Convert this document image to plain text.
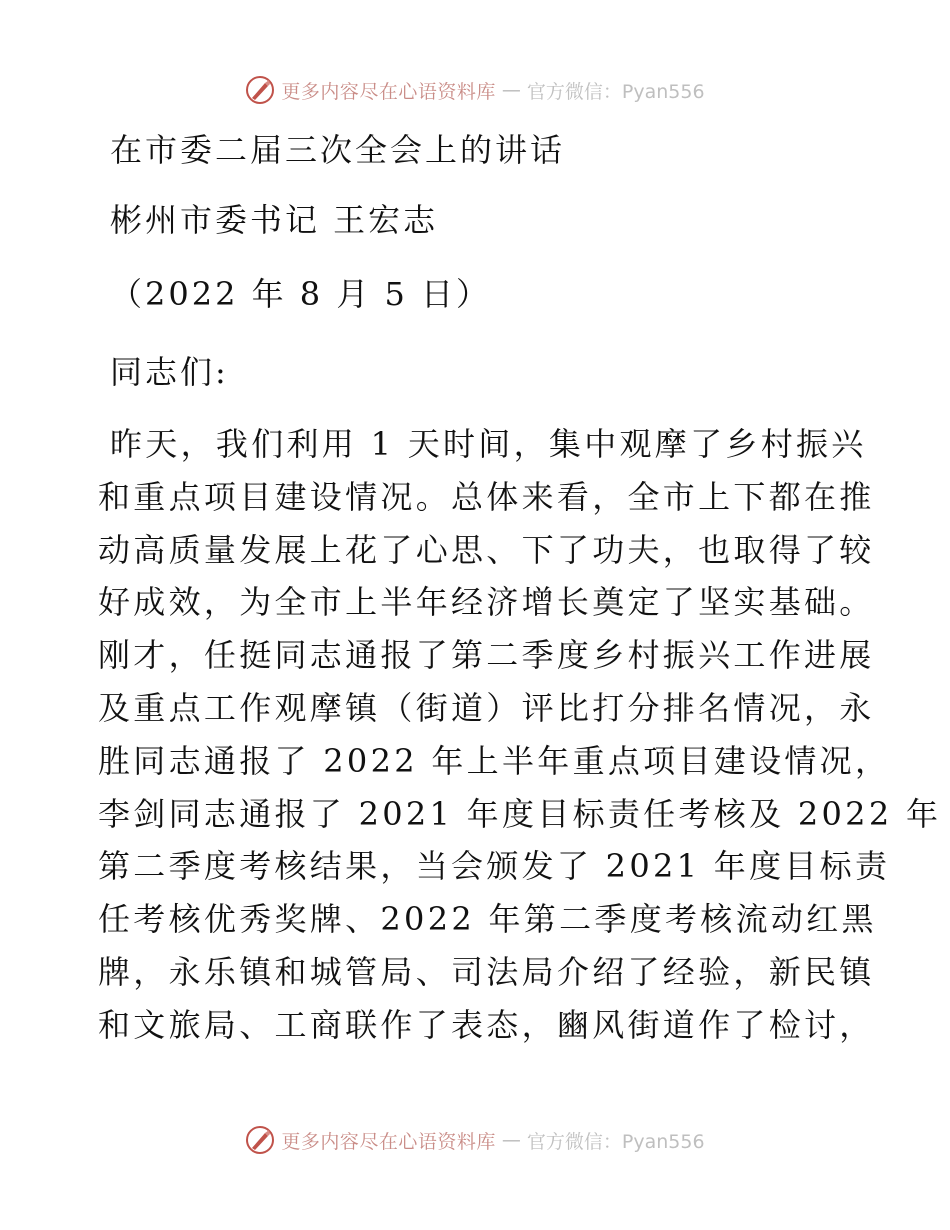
更多内容尽在心语资料库 — 官方微信：Pyan556
在市委二届三次全会上的讲话
彬州市委书记 王宏志
（2022 年 8 月 5 日）
同志们:
昨天，我们利用 1 天时间，集中观摩了乡村振兴
和重点项目建设情况。总体来看，全市上下都在推
动高质量发展上花了心思、下了功夫，也取得了较
好成效，为全市上半年经济增长奠定了坚实基础。
刚才，任挺同志通报了第二季度乡村振兴工作进展
及重点工作观摩镇（街道）评比打分排名情况，永
胜同志通报了 2022 年上半年重点项目建设情况，
李剑同志通报了 2021 年度目标责任考核及 2022 年
第二季度考核结果，当会颁发了 2021 年度目标责
任考核优秀奖牌、2022 年第二季度考核流动红黑
牌，永乐镇和城管局、司法局介绍了经验，新民镇
和文旅局、工商联作了表态，豳风街道作了检讨，
更多内容尽在心语资料库 — 官方微信：Pyan556
